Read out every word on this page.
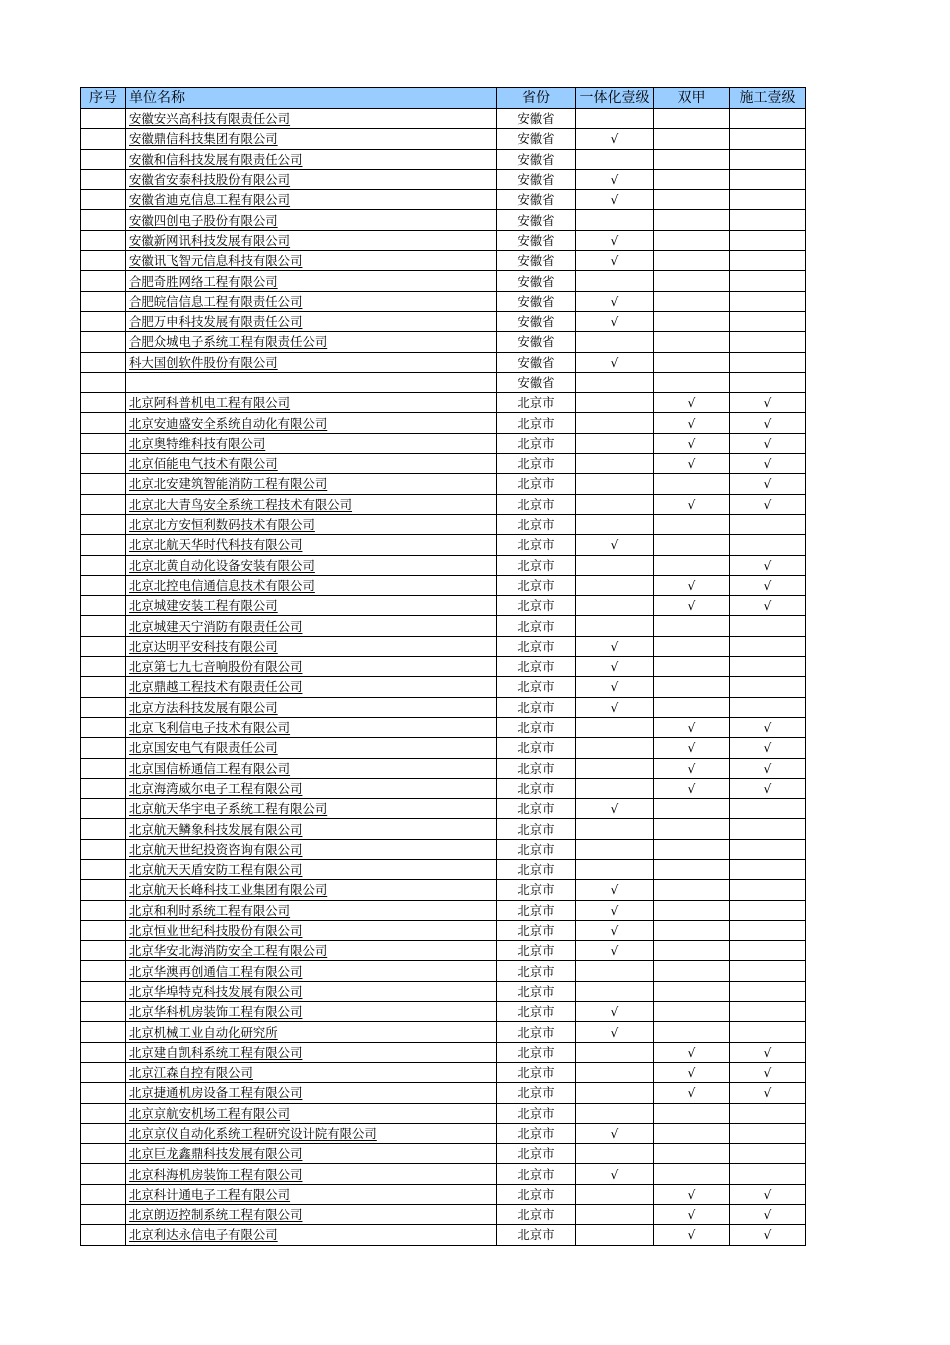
序号	单位名称	省份	一体化壹级	双甲	施工壹级
	安徽安兴高科技有限责任公司	安徽省			
	安徽鼎信科技集团有限公司	安徽省	√		
	安徽和信科技发展有限责任公司	安徽省			
	安徽省安泰科技股份有限公司	安徽省	√		
	安徽省迪克信息工程有限公司	安徽省	√		
	安徽四创电子股份有限公司	安徽省			
	安徽新网讯科技发展有限公司	安徽省	√		
	安徽讯飞智元信息科技有限公司	安徽省	√		
	合肥奇胜网络工程有限公司	安徽省			
	合肥皖信信息工程有限责任公司	安徽省	√		
	合肥万申科技发展有限责任公司	安徽省	√		
	合肥众城电子系统工程有限责任公司	安徽省			
	科大国创软件股份有限公司	安徽省	√		
		安徽省			
	北京阿科普机电工程有限公司	北京市		√	√
	北京安迪盛安全系统自动化有限公司	北京市		√	√
	北京奥特维科技有限公司	北京市		√	√
	北京佰能电气技术有限公司	北京市		√	√
	北京北安建筑智能消防工程有限公司	北京市			√
	北京北大青鸟安全系统工程技术有限公司	北京市		√	√
	北京北方安恒利数码技术有限公司	北京市			
	北京北航天华时代科技有限公司	北京市	√		
	北京北黄自动化设备安装有限公司	北京市			√
	北京北控电信通信息技术有限公司	北京市		√	√
	北京城建安装工程有限公司	北京市		√	√
	北京城建天宁消防有限责任公司	北京市			
	北京达明平安科技有限公司	北京市	√		
	北京第七九七音响股份有限公司	北京市	√		
	北京鼎越工程技术有限责任公司	北京市	√		
	北京方法科技发展有限公司	北京市	√		
	北京飞利信电子技术有限公司	北京市		√	√
	北京国安电气有限责任公司	北京市		√	√
	北京国信桥通信工程有限公司	北京市		√	√
	北京海湾威尔电子工程有限公司	北京市		√	√
	北京航天华宇电子系统工程有限公司	北京市	√		
	北京航天鳞象科技发展有限公司	北京市			
	北京航天世纪投资咨询有限公司	北京市			
	北京航天天盾安防工程有限公司	北京市			
	北京航天长峰科技工业集团有限公司	北京市	√		
	北京和利时系统工程有限公司	北京市	√		
	北京恒业世纪科技股份有限公司	北京市	√		
	北京华安北海消防安全工程有限公司	北京市	√		
	北京华澳再创通信工程有限公司	北京市			
	北京华埠特克科技发展有限公司	北京市			
	北京华科机房装饰工程有限公司	北京市	√		
	北京机械工业自动化研究所	北京市	√		
	北京建自凯科系统工程有限公司	北京市		√	√
	北京江森自控有限公司	北京市		√	√
	北京捷通机房设备工程有限公司	北京市		√	√
	北京京航安机场工程有限公司	北京市			
	北京京仪自动化系统工程研究设计院有限公司	北京市	√		
	北京巨龙鑫鼎科技发展有限公司	北京市			
	北京科海机房装饰工程有限公司	北京市	√		
	北京科计通电子工程有限公司	北京市		√	√
	北京朗迈控制系统工程有限公司	北京市		√	√
	北京利达永信电子有限公司	北京市		√	√
